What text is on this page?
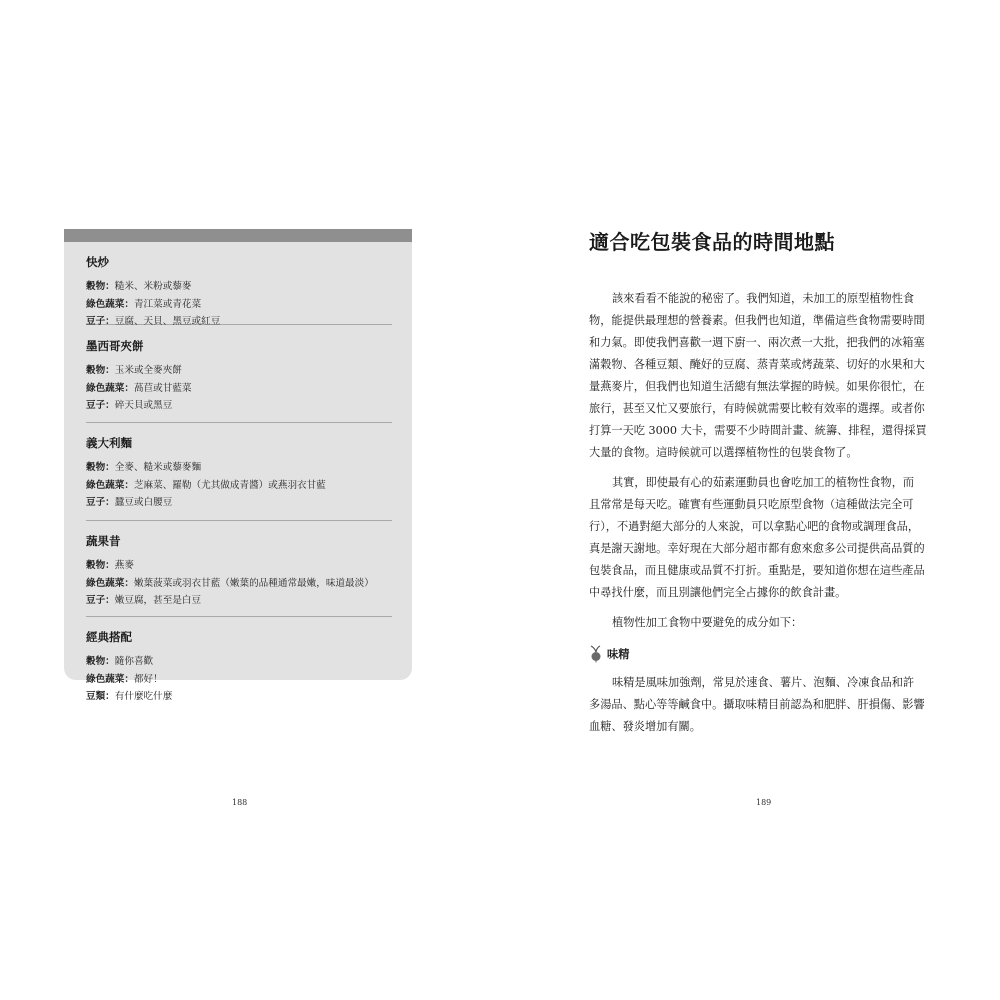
快炒
穀物：糙米、米粉或藜麥
綠色蔬菜：青江菜或青花菜
豆子：豆腐、天貝、黑豆或紅豆
墨西哥夾餅
穀物：玉米或全麥夾餅
綠色蔬菜：萵苣或甘藍菜
豆子：碎天貝或黑豆
義大利麵
穀物：全麥、糙米或藜麥麵
綠色蔬菜：芝麻菜、羅勒（尤其做成青醬）或燕羽衣甘藍
豆子：蠶豆或白腰豆
蔬果昔
穀物：燕麥
綠色蔬菜：嫩葉菠菜或羽衣甘藍（嫩葉的品種通常最嫩，味道最淡）
豆子：嫩豆腐，甚至是白豆
經典搭配
穀物：隨你喜歡
綠色蔬菜：都好！
豆類：有什麼吃什麼
188
適合吃包裝食品的時間地點
該來看看不能說的秘密了。我們知道，未加工的原型植物性食
物，能提供最理想的營養素。但我們也知道，準備這些食物需要時間
和力氣。即使我們喜歡一週下廚一、兩次煮一大批，把我們的冰箱塞
滿穀物、各種豆類、醃好的豆腐、蒸青菜或烤蔬菜、切好的水果和大
量燕麥片，但我們也知道生活總有無法掌握的時候。如果你很忙，在
旅行，甚至又忙又要旅行，有時候就需要比較有效率的選擇。或者你
打算一天吃 3000 大卡，需要不少時間計畫、統籌、排程，還得採買
大量的食物。這時候就可以選擇植物性的包裝食物了。
其實，即使最有心的茹素運動員也會吃加工的植物性食物，而
且常常是每天吃。確實有些運動員只吃原型食物（這種做法完全可
行），不過對絕大部分的人來說，可以拿點心吧的食物或調理食品，
真是謝天謝地。幸好現在大部分超市都有愈來愈多公司提供高品質的
包裝食品，而且健康或品質不打折。重點是，要知道你想在這些產品
中尋找什麼，而且別讓他們完全占據你的飲食計畫。
植物性加工食物中要避免的成分如下：
味精
味精是風味加強劑，常見於速食、薯片、泡麵、冷凍食品和許
多湯品、點心等等鹹食中。攝取味精目前認為和肥胖、肝損傷、影響
血糖、發炎增加有關。
189
